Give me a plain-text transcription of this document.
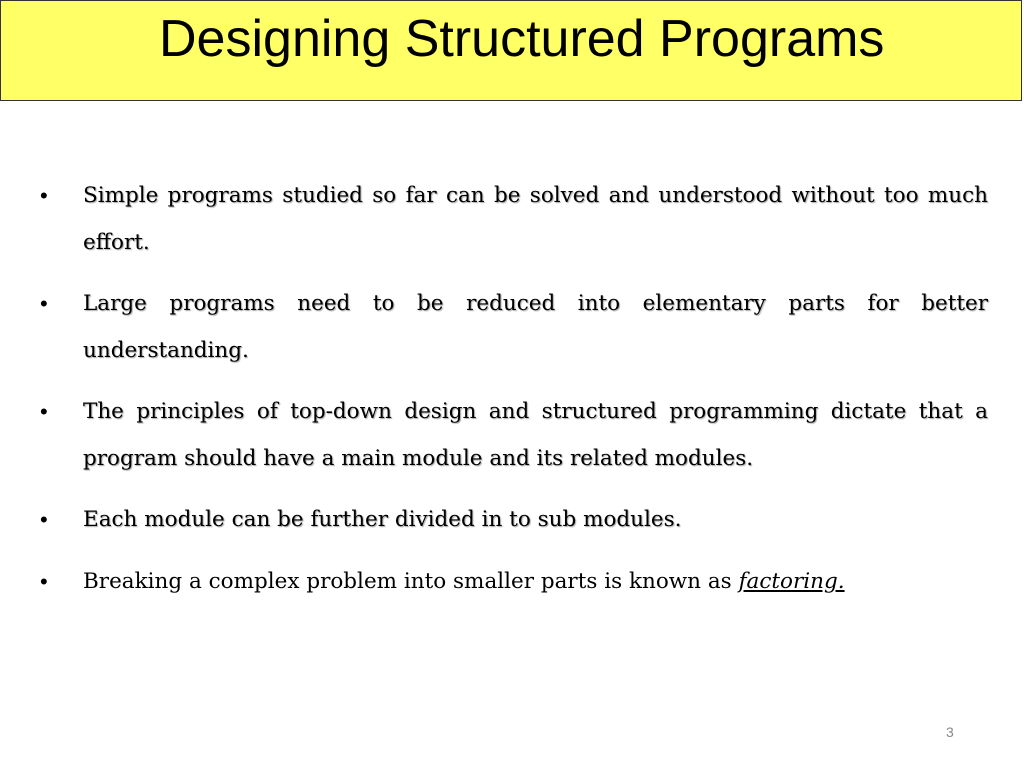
Designing Structured Programs
•	Simple programs studied so far can be solved and understood without too much effort.
•	Large programs need to be reduced into elementary parts for better understanding.
•	The principles of top-down design and structured programming dictate that a program should have a main module and its related modules.
•	Each module can be further divided in to sub modules.
•	Breaking a complex problem into smaller parts is known as factoring.
3
